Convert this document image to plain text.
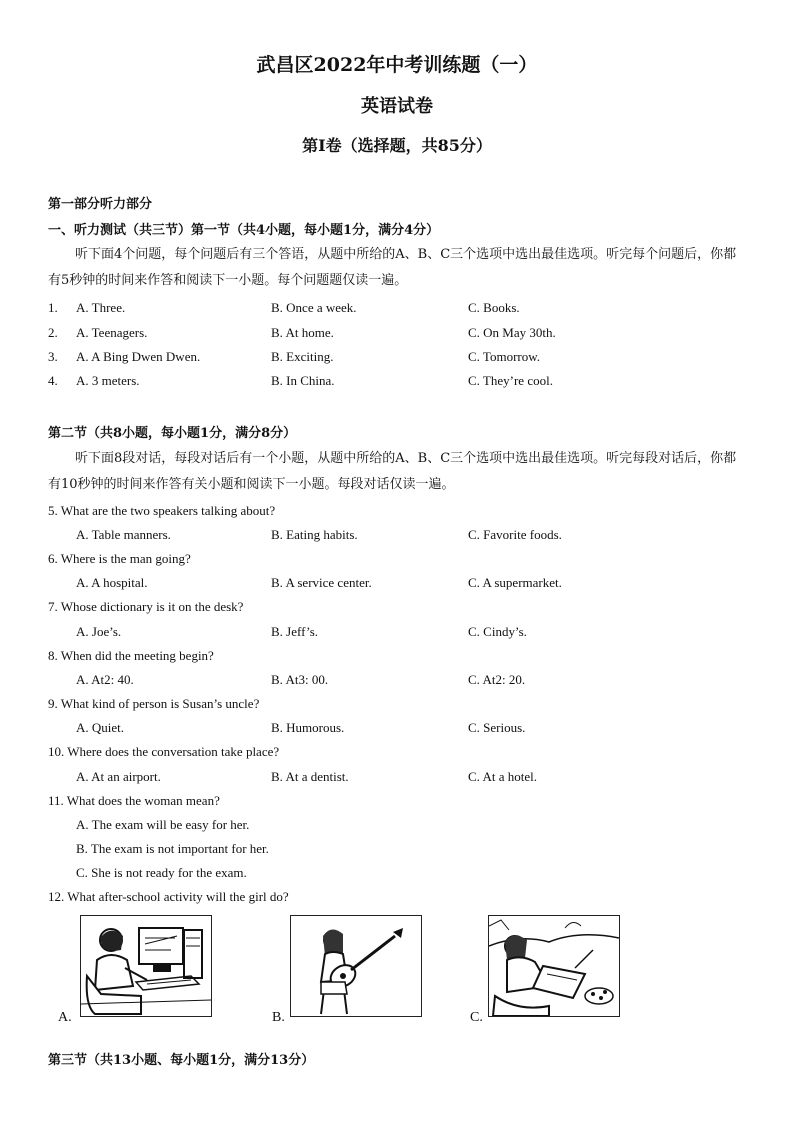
武昌区2022年中考训练题（一）
英语试卷
第I卷（选择题，共85分）
第一部分听力部分
一、听力测试（共三节）第一节（共4小题，每小题1分，满分4分）
听下面4个问题，每个问题后有三个答语，从题中所给的A、B、C三个选项中选出最佳选项。听完每个问题后，你都有5秒钟的时间来作答和阅读下一小题。每个问题题仅读一遍。
1. A. Three.	B. Once a week.	C. Books.
2. A. Teenagers.	B. At home.	C. On May 30th.
3. A. A Bing Dwen Dwen.	B. Exciting.	C. Tomorrow.
4. A. 3 meters.	B. In China.	C. They’re cool.
第二节（共8小题，每小题1分，满分8分）
听下面8段对话，每段对话后有一个小题，从题中所给的A、B、C三个选项中选出最佳选项。听完每段对话后，你都有10秒钟的时间来作答有关小题和阅读下一小题。每段对话仅读一遍。
5. What are the two speakers talking about?
A. Table manners.	B. Eating habits.	C. Favorite foods.
6. Where is the man going?
A. A hospital.	B. A service center.	C. A supermarket.
7. Whose dictionary is it on the desk?
A. Joe’s.	B. Jeff’s.	C. Cindy’s.
8. When did the meeting begin?
A. At2: 40.	B. At3: 00.	C. At2: 20.
9. What kind of person is Susan’s uncle?
A. Quiet.	B. Humorous.	C. Serious.
10. Where does the conversation take place?
A. At an airport.	B. At a dentist.	C. At a hotel.
11. What does the woman mean?
A. The exam will be easy for her.
B. The exam is not important for her.
C. She is not ready for the exam.
12. What after-school activity will the girl do?
A.	B.	C.
第三节（共13小题、每小题1分，满分13分）
